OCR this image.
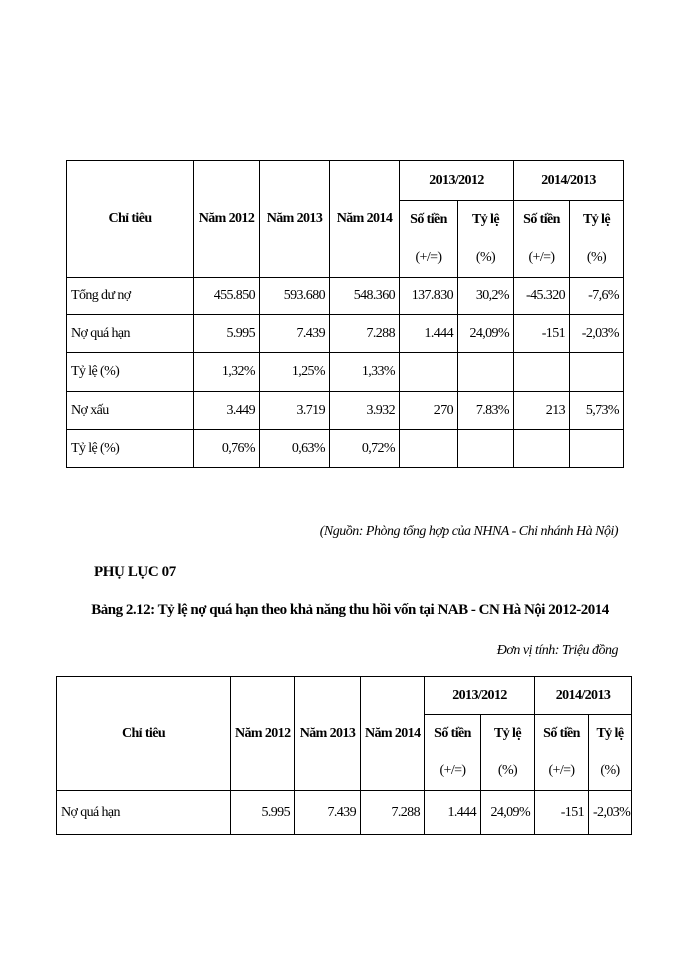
Chỉ tiêu	Năm 2012	Năm 2013	Năm 2014	2013/2012		2014/2013	
				Số tiền	Tỷ lệ	Số tiền	Tỷ lệ
				(+/=)	(%)	(+/=)	(%)
Tổng dư nợ	455.850	593.680	548.360	137.830	30,2%	-45.320	-7,6%
Nợ quá hạn	5.995	7.439	7.288	1.444	24,09%	-151	-2,03%
Tỷ lệ (%)	1,32%	1,25%	1,33%				
Nợ xấu	3.449	3.719	3.932	270	7.83%	213	5,73%
Tỷ lệ (%)	0,76%	0,63%	0,72%				
(Nguồn: Phòng tổng hợp của NHNA - Chi nhánh Hà Nội)
PHỤ LỤC 07
Bảng 2.12: Tỷ lệ nợ quá hạn theo khả năng thu hồi vốn tại NAB - CN Hà Nội 2012-2014
Đơn vị tính: Triệu đồng
Chỉ tiêu	Năm 2012	Năm 2013	Năm 2014	2013/2012		2014/2013	
				Số tiền	Tỷ lệ	Số tiền	Tỷ lệ
				(+/=)	(%)	(+/=)	(%)
Nợ quá hạn	5.995	7.439	7.288	1.444	24,09%	-151	-2,03%
